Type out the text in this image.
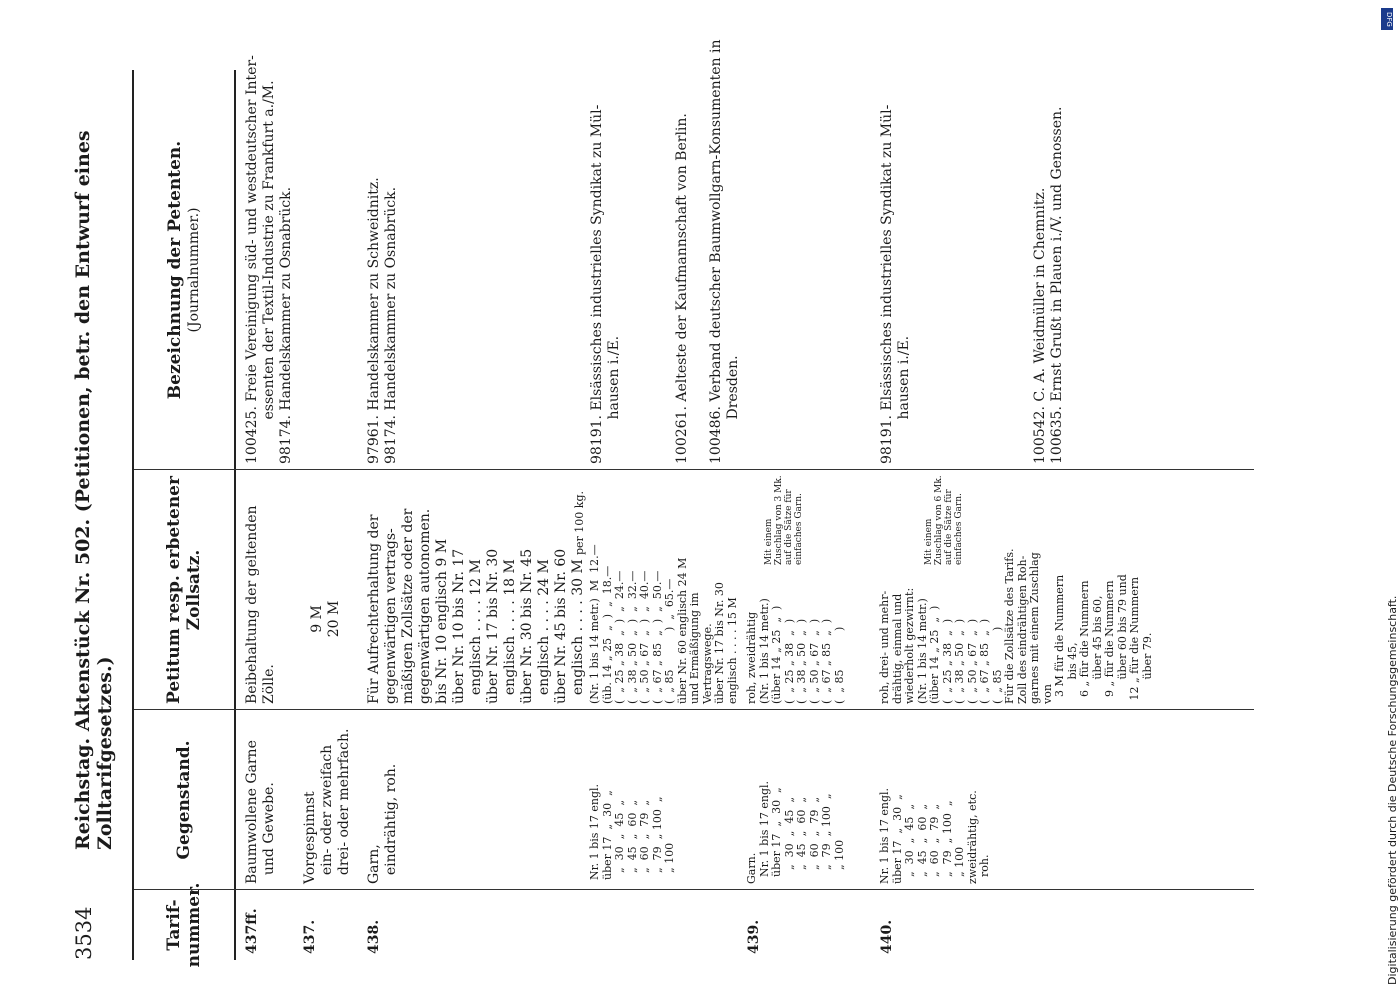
3534
Reichstag. Aktenstück Nr. 502. (Petitionen, betr. den Entwurf eines Zolltarifgesetzes.)
Tarif-nummer.
Gegenstand.
Petitum resp. erbetener Zollsatz.
Bezeichnung der Petenten. (Journalnummer.)
437ff.
Baumwollene Garne
und Gewebe.
Beibehaltung der geltenden
Zölle.
100425. Freie Vereinigung süd- und westdeutscher Inter-
essenten der Textil-Industrie zu Frankfurt a./M.
98174. Handelskammer zu Osnabrück.
437.
Vorgespinnst
ein- oder zweifach
drei- oder mehrfach.
9 M
20 M
438.
Garn,
eindrähtig, roh.
Für Aufrechterhaltung der
gegenwärtigen vertrags-
mäßigen Zollsätze oder der
gegenwärtigen autonomen.
bis Nr. 10 englisch 9 M
über Nr. 10 bis Nr. 17
englisch . . . . 12 M
über Nr. 17 bis Nr. 30
englisch . . . . 18 M
über Nr. 30 bis Nr. 45
englisch . . . . 24 M
über Nr. 45 bis Nr. 60
englisch . . . . 30 M
97961. Handelskammer zu Schweidnitz.
98174. Handelskammer zu Osnabrück.
Nr. 1 bis 17 engl.
über 17  „  30  „
„  30  „  45  „
„  45  „  60  „
„  60  „  79  „
„  79  „ 100  „
„ 100
(Nr. 1 bis 14 metr.)  M  12.—
(üb. 14 „ 25  „  )  „  18.—
(  „ 25 „ 38  „  )  „  24.—
(  „ 38 „ 50  „  )  „  32.—
(  „ 50 „ 67  „  )  „  40.—
(  „ 67 „ 85  „  )  „  50.—
(  „ 85           )  „  65.—
über Nr. 60 englisch 24 M
und Ermäßigung im
Vertragswege.
über Nr. 17 bis Nr. 30
englisch . . . . 15 M
per 100 kg.
98191. Elsässisches industrielles Syndikat zu Mül-
hausen i./E.

100261. Aelteste der Kaufmannschaft von Berlin.

100486. Verband deutscher Baumwollgarn-Konsumenten in
Dresden.
439.
Garn.
Nr. 1 bis 17 engl.
über 17  „  30  „
„  30  „  45  „
„  45  „  60  „
„  60  „  79  „
„  79  „ 100  „
„ 100
roh, zweidrähtig
(Nr. 1 bis 14 metr.)
(über 14 „ 25  „  )
(  „ 25 „ 38  „  )
(  „ 38 „ 50  „  )
(  „ 50 „ 67  „  )
(  „ 67 „ 85  „  )
(  „ 85           )
Mit einem Zuschlag von 3 Mk. auf die Sätze für einfaches Garn.
440.
Nr. 1 bis 17 engl.
über 17  „  30  „
„  30  „  45  „
„  45  „  60  „
„  60  „  79  „
„  79  „ 100  „
„ 100
zweidrähtig, etc.
roh.
roh, drei- und mehr-
drähtig, einmal und
wiederholt gezwirnt:
(Nr. 1 bis 14 metr.)
(über 14 „ 25  „  )
(  „ 25 „ 38  „  )
(  „ 38 „ 50  „  )
(  „ 50 „ 67  „  )
(  „ 67 „ 85  „  )
(  „ 85           )
Für die Zollsätze des Tarifs.
Zoll des eindrähtigen Roh-
garnes mit einem Zuschlag
von
3 M für die Nummern
bis 45,
6 „ für die Nummern
über 45 bis 60,
9 „ für die Nummern
über 60 bis 79 und
12 „ für die Nummern
über 79.
Mit einem Zuschlag von 6 Mk. auf die Sätze für einfaches Garn.
98191. Elsässisches industrielles Syndikat zu Mül-
hausen i./E.

100542. C. A. Weidmüller in Chemnitz.
100635. Ernst Grußt in Plauen i./V. und Genossen.
DFG
Digitalisierung gefördert durch die Deutsche Forschungsgemeinschaft.
